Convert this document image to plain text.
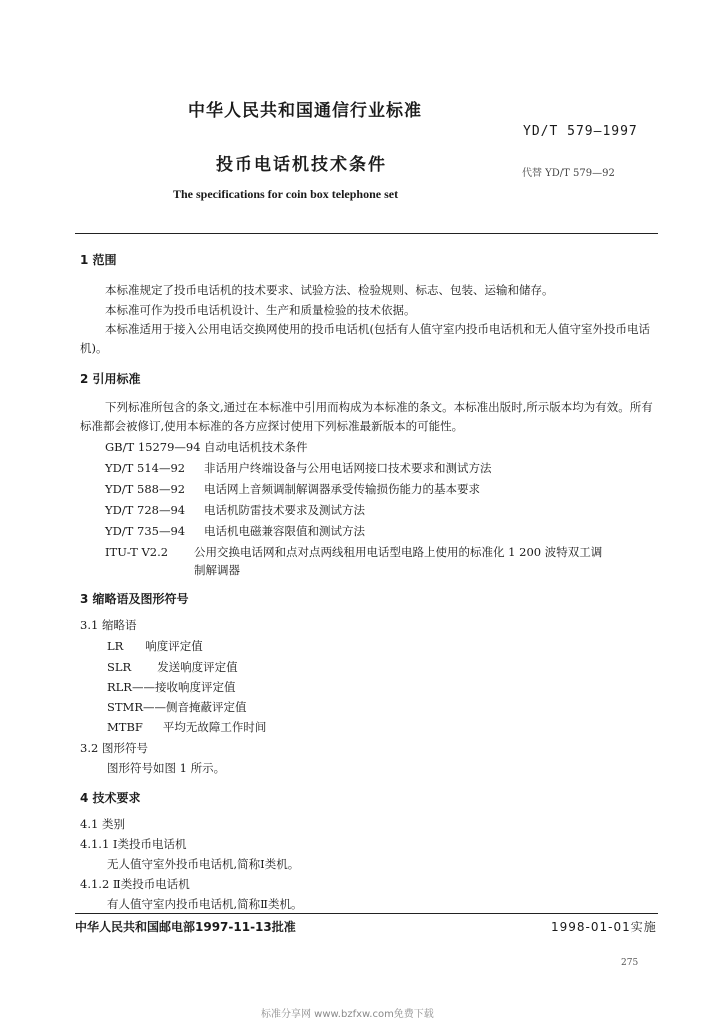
中华人民共和国通信行业标准
YD/T 579—1997
投币电话机技术条件	代替 YD/T 579—92
The specifications for coin box telephone set
1 范围
本标准规定了投币电话机的技术要求、试验方法、检验规则、标志、包装、运输和储存。
本标准可作为投币电话机设计、生产和质量检验的技术依据。
本标准适用于接入公用电话交换网使用的投币电话机(包括有人值守室内投币电话机和无人值守室外投币电话机)。
2 引用标准
下列标准所包含的条文,通过在本标准中引用而构成为本标准的条文。本标准出版时,所示版本均为有效。所有标准都会被修订,使用本标准的各方应探讨使用下列标准最新版本的可能性。
GB/T 15279—94 自动电话机技术条件
YD/T 514—92 非话用户终端设备与公用电话网接口技术要求和测试方法
YD/T 588—92 电话网上音频调制解调器承受传输损伤能力的基本要求
YD/T 728—94 电话机防雷技术要求及测试方法
YD/T 735—94 电话机电磁兼容限值和测试方法
ITU-T V2.2 公用交换电话网和点对点两线租用电话型电路上使用的标准化 1 200 波特双工调
制解调器
3 缩略语及图形符号
3.1 缩略语
LR 响度评定值
SLR 发送响度评定值
RLR——接收响度评定值
STMR——侧音掩蔽评定值
MTBF 平均无故障工作时间
3.2 图形符号
图形符号如图 1 所示。
4 技术要求
4.1 类别
4.1.1 Ⅰ类投币电话机
无人值守室外投币电话机,简称Ⅰ类机。
4.1.2 Ⅱ类投币电话机
有人值守室内投币电话机,简称Ⅱ类机。
中华人民共和国邮电部1997-11-13批准	1998-01-01实施
275
标准分享网 www.bzfxw.com免费下载
